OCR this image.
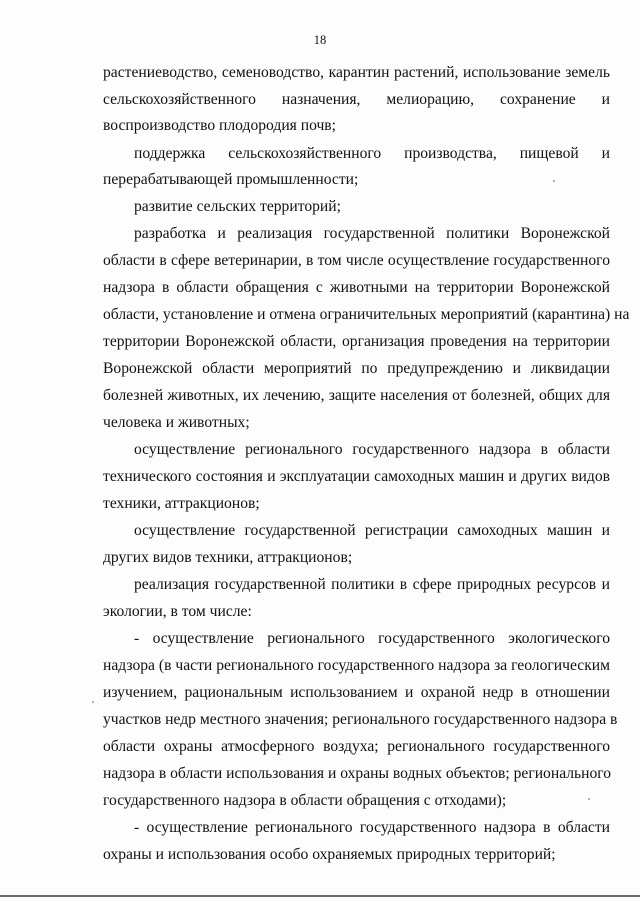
18
растениеводство, семеноводство, карантин растений, использование земель
сельскохозяйственного назначения, мелиорацию, сохранение и
воспроизводство плодородия почв;
поддержка сельскохозяйственного производства, пищевой и
перерабатывающей промышленности;
развитие сельских территорий;
разработка и реализация государственной политики Воронежской
области в сфере ветеринарии, в том числе осуществление государственного
надзора в области обращения с животными на территории Воронежской
области, установление и отмена ограничительных мероприятий (карантина) на
территории Воронежской области, организация проведения на территории
Воронежской области мероприятий по предупреждению и ликвидации
болезней животных, их лечению, защите населения от болезней, общих для
человека и животных;
осуществление регионального государственного надзора в области
технического состояния и эксплуатации самоходных машин и других видов
техники, аттракционов;
осуществление государственной регистрации самоходных машин и
других видов техники, аттракционов;
реализация государственной политики в сфере природных ресурсов и
экологии, в том числе:
- осуществление регионального государственного экологического
надзора (в части регионального государственного надзора за геологическим
изучением, рациональным использованием и охраной недр в отношении
участков недр местного значения; регионального государственного надзора в
области охраны атмосферного воздуха; регионального государственного
надзора в области использования и охраны водных объектов; регионального
государственного надзора в области обращения с отходами);
- осуществление регионального государственного надзора в области
охраны и использования особо охраняемых природных территорий;
